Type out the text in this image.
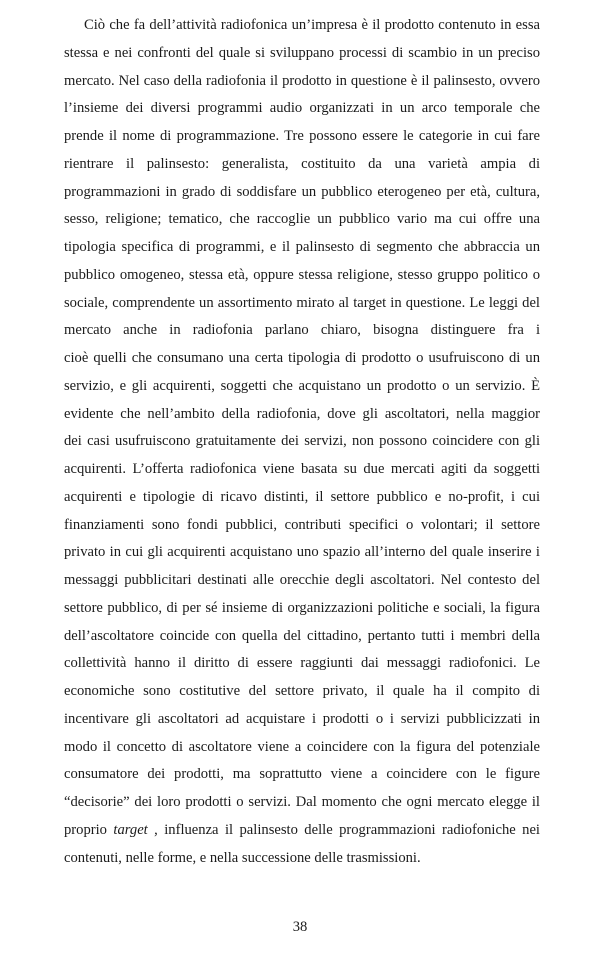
Ciò che fa dell’attività radiofonica un’impresa è il prodotto contenuto in essa
stessa e nei confronti del quale si sviluppano processi di scambio in un preciso
mercato. Nel caso della radiofonia il prodotto in questione è il palinsesto, ovvero
l’insieme dei diversi programmi audio organizzati in un arco temporale che
prende il nome di programmazione. Tre possono essere le categorie in cui fare
rientrare il palinsesto: generalista, costituito da una varietà ampia di
programmazioni in grado di soddisfare un pubblico eterogeneo per età, cultura,
sesso, religione; tematico, che raccoglie un pubblico vario ma cui offre una
tipologia specifica di programmi, e il palinsesto di segmento che abbraccia un
pubblico omogeneo, stessa età, oppure stessa religione, stesso gruppo politico o
sociale, comprendente un assortimento mirato al target in questione. Le leggi del
mercato anche in radiofonia parlano chiaro, bisogna distinguere fra i
cioè quelli che consumano una certa tipologia di prodotto o usufruiscono di un
servizio, e gli acquirenti, soggetti che acquistano un prodotto o un servizio. È
evidente che nell’ambito della radiofonia, dove gli ascoltatori, nella maggior
dei casi usufruiscono gratuitamente dei servizi, non possono coincidere con gli
acquirenti. L’offerta radiofonica viene basata su due mercati agiti da soggetti
acquirenti e tipologie di ricavo distinti, il settore pubblico e no-profit, i cui
finanziamenti sono fondi pubblici, contributi specifici o volontari; il settore
privato in cui gli acquirenti acquistano uno spazio all’interno del quale inserire i
messaggi pubblicitari destinati alle orecchie degli ascoltatori. Nel contesto del
settore pubblico, di per sé insieme di organizzazioni politiche e sociali, la figura
dell’ascoltatore coincide con quella del cittadino, pertanto tutti i membri della
collettività hanno il diritto di essere raggiunti dai messaggi radiofonici. Le
economiche sono costitutive del settore privato, il quale ha il compito di
incentivare gli ascoltatori ad acquistare i prodotti o i servizi pubblicizzati in
modo il concetto di ascoltatore viene a coincidere con la figura del potenziale
consumatore dei prodotti, ma soprattutto viene a coincidere con le figure
“decisorie” dei loro prodotti o servizi. Dal momento che ogni mercato elegge il
proprio target , influenza il palinsesto delle programmazioni radiofoniche nei
contenuti, nelle forme, e nella successione delle trasmissioni.
38
